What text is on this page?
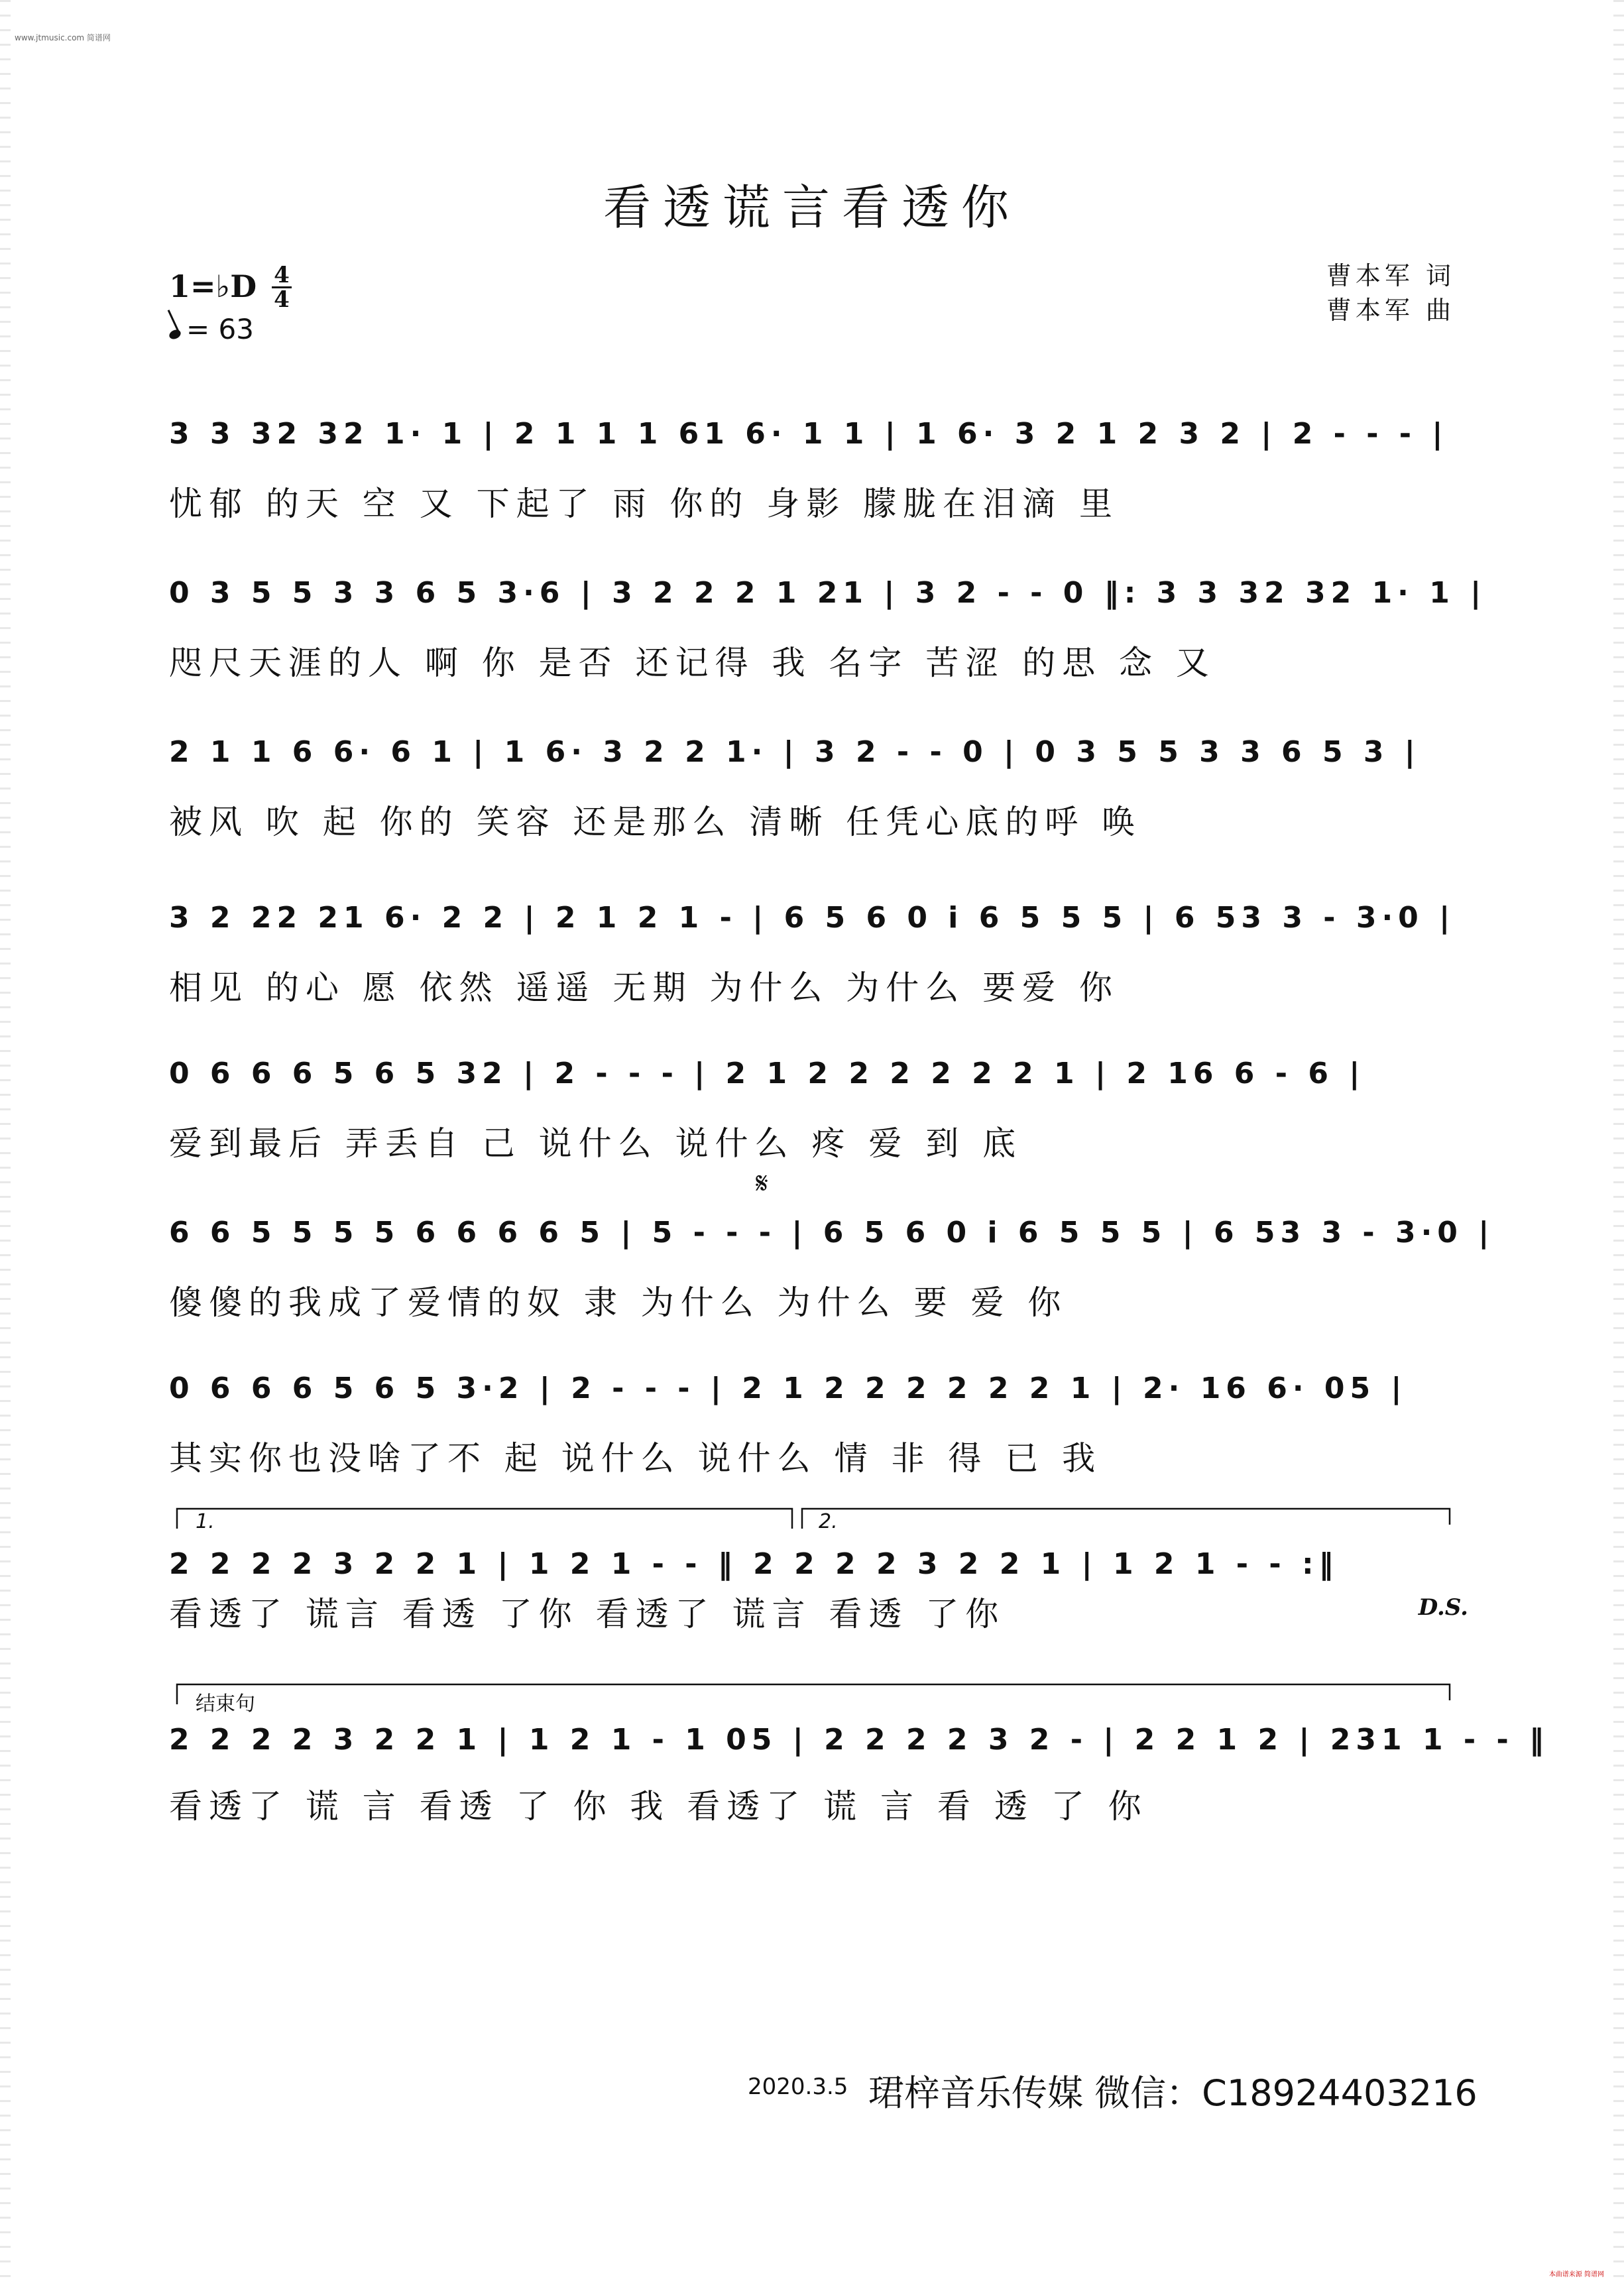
www.jtmusic.com 简谱网
看透谎言看透你
1=♭D 4
4
= 63
曹本军 词
曹本军 曲
3 3 32 32 1· 1 | 2 1 1 1 61 6· 1 1 | 1 6· 3 2 1 2 3 2 | 2 - - - |
忧郁 的天 空 又 下起了 雨 你的 身影 朦胧在泪滴 里
0 3 5 5 3 3 6 5 3·6 | 3 2 2 2 1 21 | 3 2 - - 0 ‖: 3 3 32 32 1· 1 |
咫尺天涯的人 啊 你 是否 还记得 我 名字 苦涩 的思 念 又
2 1 1 6 6· 6 1 | 1 6· 3 2 2 1· | 3 2 - - 0 | 0 3 5 5 3 3 6 5 3 |
被风 吹 起 你的 笑容 还是那么 清晰 任凭心底的呼 唤
3 2 22 21 6· 2 2 | 2 1 2 1 - | 6 5 6 0 i 6 5 5 5 | 6 53 3 - 3·0 |
相见 的心 愿 依然 遥遥 无期 为什么 为什么 要爱 你
0 6 6 6 5 6 5 32 | 2 - - - | 2 1 2 2 2 2 2 2 1 | 2 16 6 - 6 |
爱到最后 弄丢自 己 说什么 说什么 疼 爱 到 底
𝄋
6 6 5 5 5 5 6 6 6 6 5 | 5 - - - | 6 5 6 0 i 6 5 5 5 | 6 53 3 - 3·0 |
傻傻的我成了爱情的奴 隶 为什么 为什么 要 爱 你
0 6 6 6 5 6 5 3·2 | 2 - - - | 2 1 2 2 2 2 2 2 1 | 2· 16 6· 05 |
其实你也没啥了不 起 说什么 说什么 情 非 得 已 我
1.	2.
2 2 2 2 3 2 2 1 | 1 2 1 - - ‖ 2 2 2 2 3 2 2 1 | 1 2 1 - - :‖
看透了 谎言 看透 了你 看透了 谎言 看透 了你	D.S.
结束句
2 2 2 2 3 2 2 1 | 1 2 1 - 1 05 | 2 2 2 2 3 2 - | 2 2 1 2 | 231 1 - - ‖
看透了 谎 言 看透 了 你 我 看透了 谎 言 看 透 了 你
2020.3.5 珺梓音乐传媒 微信：C18924403216
本曲谱来源 简谱网
